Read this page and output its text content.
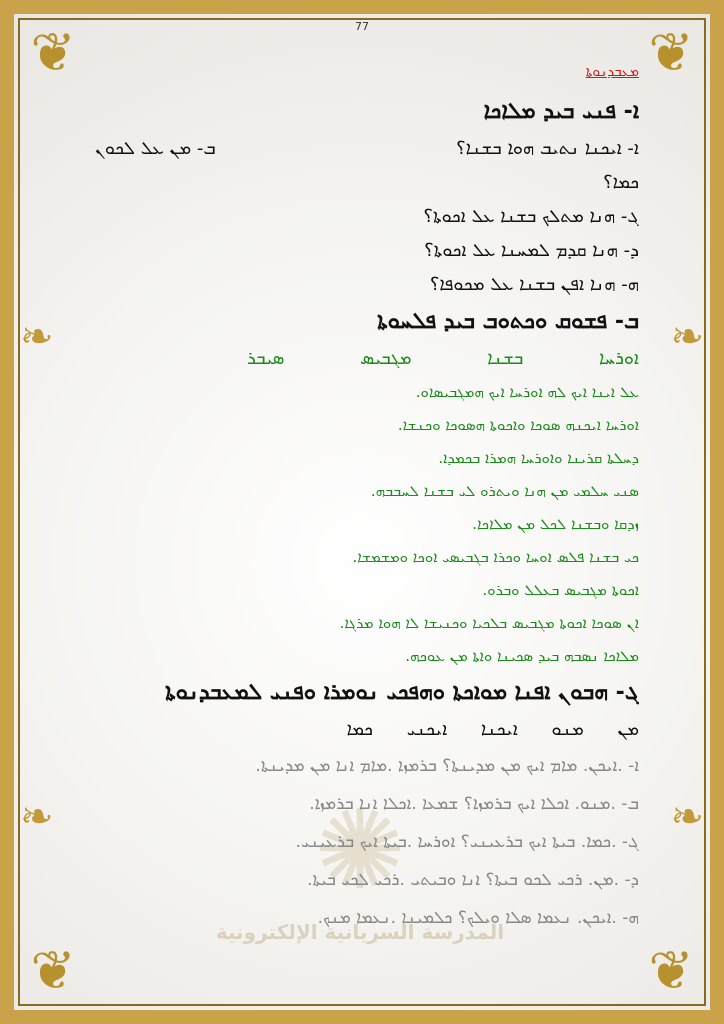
❦	❦
❦	❦
❧
❧
❧
❧
✺
المدرسة السريانية الإلكترونية
77
ܡܥܒܕܢܘܬܐ
ܐ- ܦܢܝ ܒܝܕ ܡܠܐܟܐ
ܐ- ܐܝܟܢܐ ܢܬܝܒ ܗܘܐ ܒܫܢܐ؟
ܒ- ܡܢ ܥܠ ܠܟܘܢ
ܟܡܐ؟
ܓ- ܗܢܐ ܡܬܠܟ ܒܫܢܐ ܥܠ ܐܟܘܬܐ؟
ܕ- ܗܢܐ ܩܕܡ ܠܡܚܢܐ ܥܠ ܐܟܘܬܐ؟
ܗ- ܗܢܐ ܐܦܢ ܒܫܢܐ ܥܠ ܡܟܘܦܐ؟
ܒ- ܦܫܘܩ ܘܟܬܘܒ ܒܝܕ ܦܠܚܘܬܐ
ܐܘܪܚܐ ܒܫܢܐ ܡܓܒܝܣ ܣܝܒܪ
ܥܠ ܐܝܢܐ ܐܝܟ ܠܗ ܐܘܪܚܐ ܐܝܟ ܗܡܓܒܝܣܐܘ.
ܐܘܪܚܐ ܐܝܟܢܗ ܣܘܟܐ ܘܐܟܘܬܐ ܗܣܘܟܐ ܘܟܢܫܐ.
ܕܚܠܬܐ ܩܪܝܢܐ ܘܐܘܪܚܐ ܗܡܪܐ ܒܟܡܕܐ.
ܣܢܝ ܚܠܡܝ ܡܢ ܗܢܐ ܘܝܬܪܘ ܠܝ ܒܫܢܐ ܠܚܒܒܗ.
ܙܕܩܐ ܘܒܫܢܐ ܠܟܠ ܡܢ ܡܠܐܟܐ.
ܟܝ ܒܫܢܐ ܦܠܣ ܐܘܚܐ ܘܟܪܐ ܒܓܒܝܣܝ ܐܘܟܐ ܘܡܫܡܫܐ.
ܐܟܘܬܐ ܡܓܒܝܣ ܒܥܠܠ ܘܒܪܘ.
ܐܢ ܣܘܟܐ ܐܟܘܬܐ ܡܓܒܝܣ ܒܠܟܝܐ ܘܟܢܝܫܐ ܠܐ ܗܘܐ ܡܪܓܐ.
ܡܠܐܟܐ ܢܣܒܗ ܒܝܕ ܣܟܝܢܐ ܘܐܬܐ ܡܢ ܥܘܟܗ.
ܓ- ܗܒܘܢ ܐܦܢܐ ܡܘܐܟܬܐ ܘܗܦܟܝ ܢܘܡܪܐ ܘܦܢܝ ܠܡܥܒܕܢܘܬܐ
ܡܢ ܡܢܘ ܐܝܟܢܐ ܐܝܟܢܝ ܟܡܐ
ܐ- .ܐܝܟܢ. ܡܐܡ ܐܝܟ ܡܢ ܡܕܝܢܬܐ؟ ܒܪܡܙܐ .ܡܐܡ ܐܢܐ ܡܢ ܡܕܝܢܬܐ.
ܒ- .ܡܢܘ. ܐܟܠܐ ܐܝܟ ܒܪܡܙܐ؟ ܫܡܥܐ .ܐܟܠܐ ܐܢܐ ܒܪܡܙܐ.
ܓ- .ܟܡܐ. ܒܝܬܐ ܐܝܟ ܒܪܥܝܢܝ؟ ܐܘܪܚܐ .ܒܝܬܐ ܐܝܟ ܒܪܥܝܢܝ.
ܕ- .ܡܢ. ܪܟܝ ܠܟܘ ܒܝܬܐ؟ ܐܢܐ ܘܒܝܬܝ .ܪܟܝ ܠܟܝ ܒܝܬܐ.
ܗ- .ܐܝܟܢ. ܢܥܡܐ ܣܠܐ ܘܝܠܟ؟ ܟܠܡܝܢܐ .ܢܥܡܐ ܡܢܟ.
